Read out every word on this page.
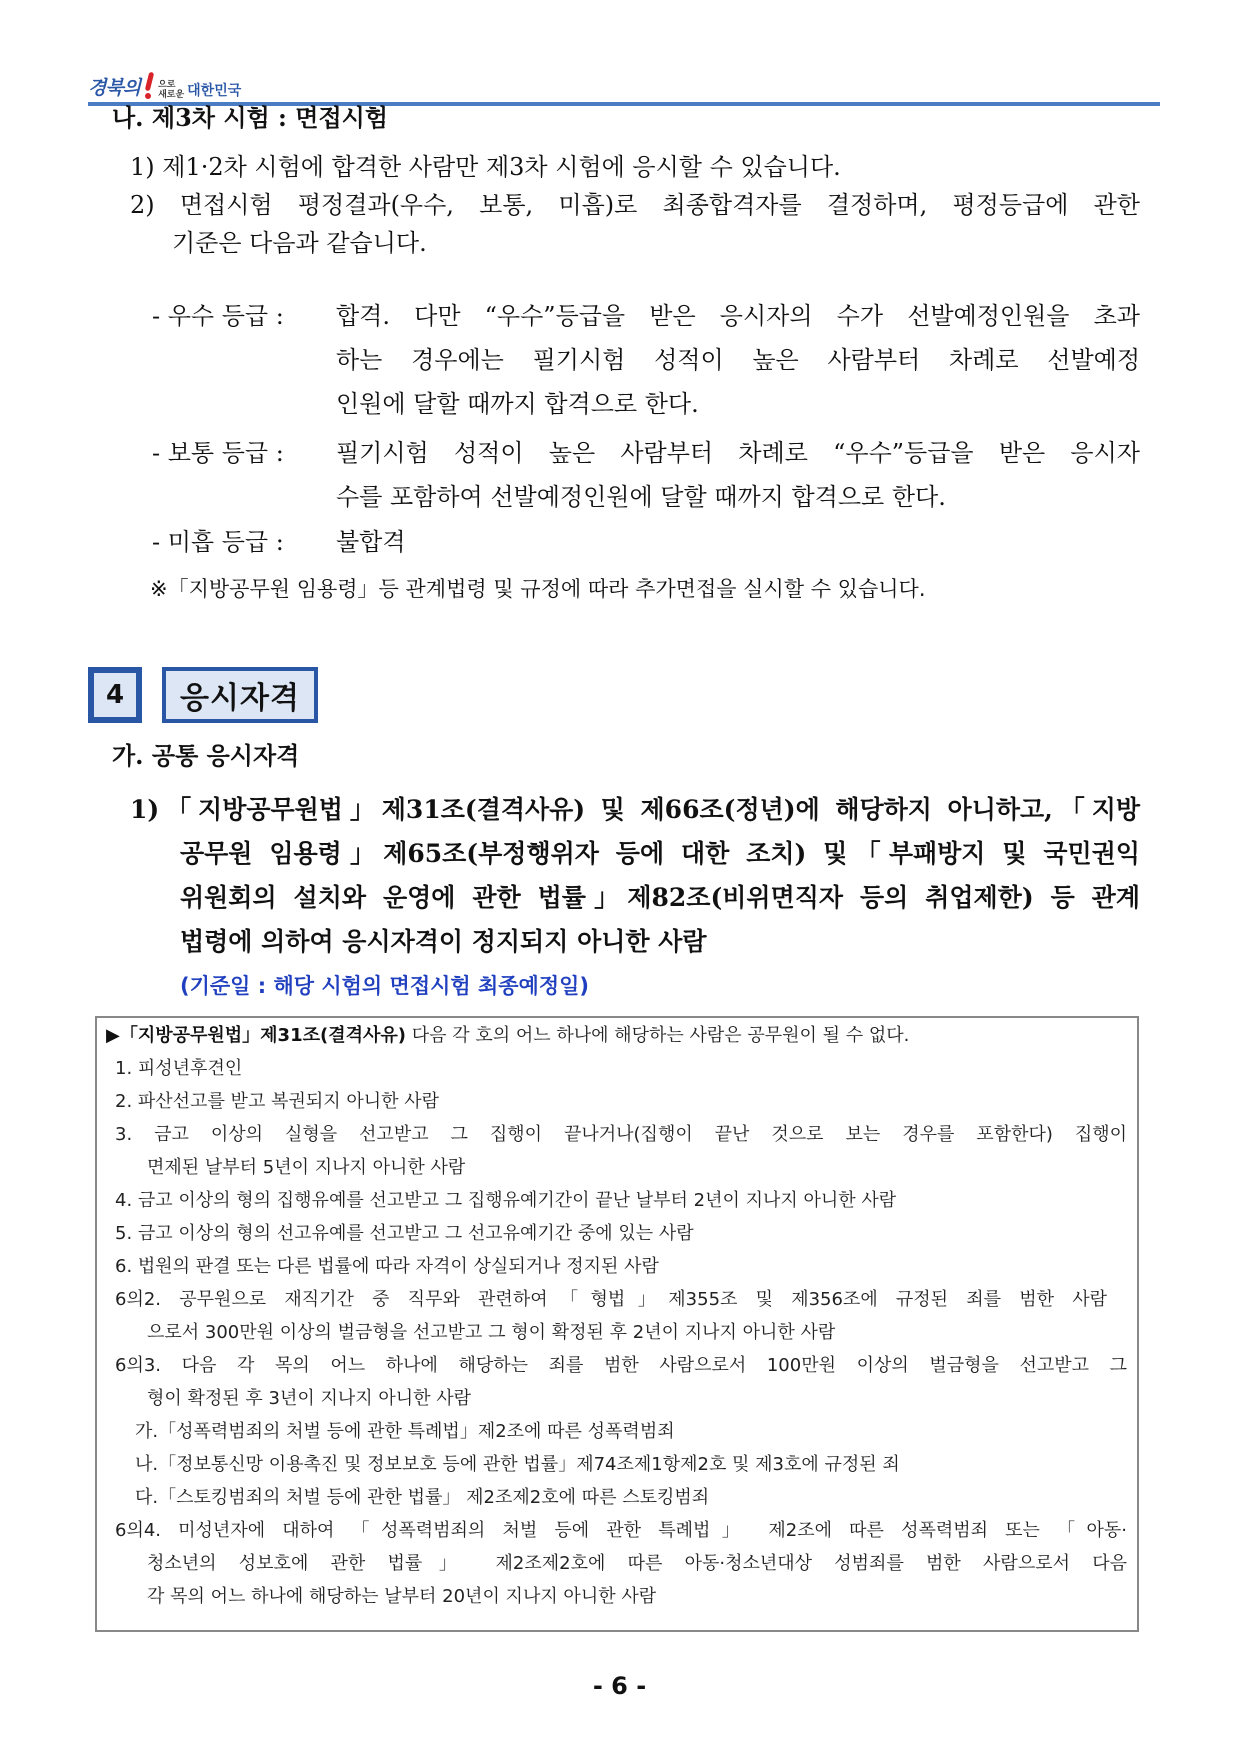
경북의 으로
새로운 대한민국
나. 제3차 시험 : 면접시험
1) 제1·2차 시험에 합격한 사람만 제3차 시험에 응시할 수 있습니다.
2) 면접시험 평정결과(우수, 보통, 미흡)로 최종합격자를 결정하며, 평정등급에 관한
기준은 다음과 같습니다.
- 우수 등급 : 합격. 다만 “우수”등급을 받은 응시자의 수가 선발예정인원을 초과
하는 경우에는 필기시험 성적이 높은 사람부터 차례로 선발예정
인원에 달할 때까지 합격으로 한다.
- 보통 등급 : 필기시험 성적이 높은 사람부터 차례로 “우수”등급을 받은 응시자
수를 포함하여 선발예정인원에 달할 때까지 합격으로 한다.
- 미흡 등급 : 불합격
※「지방공무원 임용령」등 관계법령 및 규정에 따라 추가면접을 실시할 수 있습니다.
4	응시자격
가. 공통 응시자격
1)「지방공무원법」제31조(결격사유) 및 제66조(정년)에 해당하지 아니하고,「지방
공무원 임용령」제65조(부정행위자 등에 대한 조치) 및「부패방지 및 국민권익
위원회의 설치와 운영에 관한 법률」제82조(비위면직자 등의 취업제한) 등 관계
법령에 의하여 응시자격이 정지되지 아니한 사람
(기준일 : 해당 시험의 면접시험 최종예정일)
▶「지방공무원법」제31조(결격사유) 다음 각 호의 어느 하나에 해당하는 사람은 공무원이 될 수 없다.
1. 피성년후견인
2. 파산선고를 받고 복권되지 아니한 사람
3. 금고 이상의 실형을 선고받고 그 집행이 끝나거나(집행이 끝난 것으로 보는 경우를 포함한다) 집행이
면제된 날부터 5년이 지나지 아니한 사람
4. 금고 이상의 형의 집행유예를 선고받고 그 집행유예기간이 끝난 날부터 2년이 지나지 아니한 사람
5. 금고 이상의 형의 선고유예를 선고받고 그 선고유예기간 중에 있는 사람
6. 법원의 판결 또는 다른 법률에 따라 자격이 상실되거나 정지된 사람
6의2. 공무원으로 재직기간 중 직무와 관련하여「형법」제355조 및 제356조에 규정된 죄를 범한 사람
으로서 300만원 이상의 벌금형을 선고받고 그 형이 확정된 후 2년이 지나지 아니한 사람
6의3. 다음 각 목의 어느 하나에 해당하는 죄를 범한 사람으로서 100만원 이상의 벌금형을 선고받고 그
형이 확정된 후 3년이 지나지 아니한 사람
가.「성폭력범죄의 처벌 등에 관한 특례법」제2조에 따른 성폭력범죄
나.「정보통신망 이용촉진 및 정보보호 등에 관한 법률」제74조제1항제2호 및 제3호에 규정된 죄
다.「스토킹범죄의 처벌 등에 관한 법률」 제2조제2호에 따른 스토킹범죄
6의4. 미성년자에 대하여 「성폭력범죄의 처벌 등에 관한 특례법」 제2조에 따른 성폭력범죄 또는 「아동·
청소년의 성보호에 관한 법률」 제2조제2호에 따른 아동·청소년대상 성범죄를 범한 사람으로서 다음
각 목의 어느 하나에 해당하는 날부터 20년이 지나지 아니한 사람
- 6 -
